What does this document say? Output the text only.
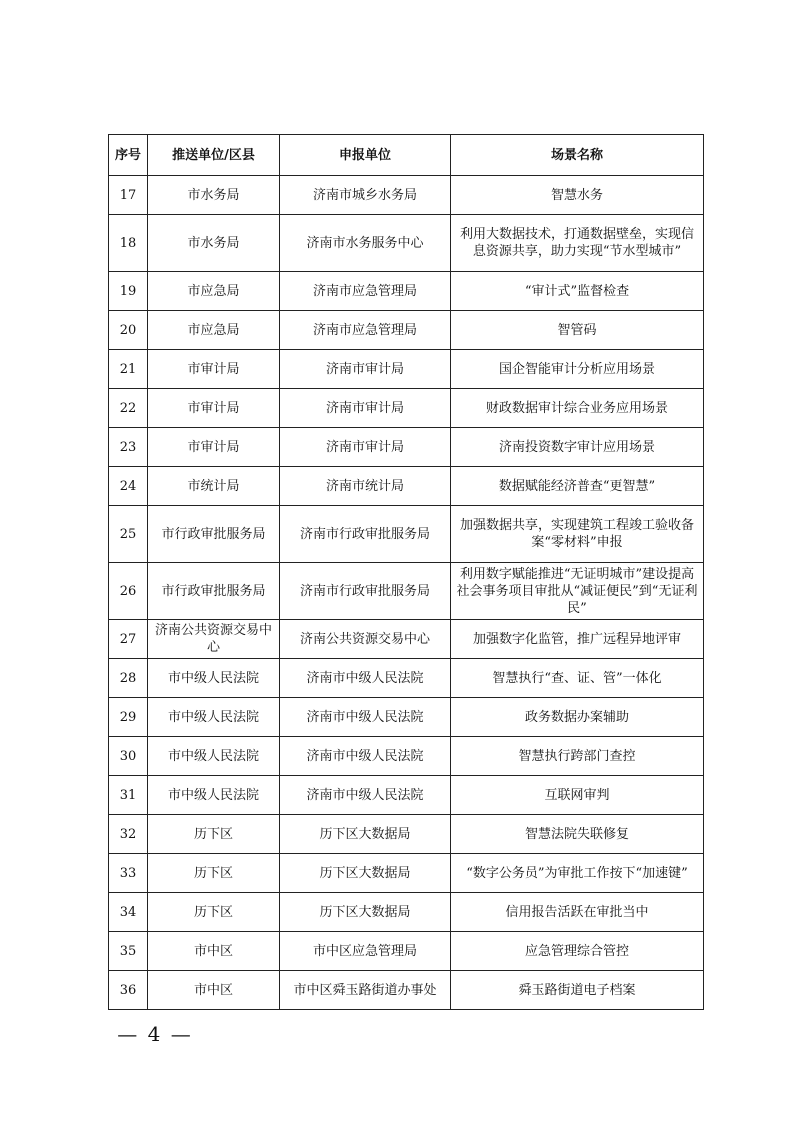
序号	推送单位/区县	申报单位	场景名称
17	市水务局	济南市城乡水务局	智慧水务
18	市水务局	济南市水务服务中心	利用大数据技术，打通数据壁垒，实现信息资源共享，助力实现“节水型城市”
19	市应急局	济南市应急管理局	“审计式”监督检查
20	市应急局	济南市应急管理局	智管码
21	市审计局	济南市审计局	国企智能审计分析应用场景
22	市审计局	济南市审计局	财政数据审计综合业务应用场景
23	市审计局	济南市审计局	济南投资数字审计应用场景
24	市统计局	济南市统计局	数据赋能经济普查“更智慧”
25	市行政审批服务局	济南市行政审批服务局	加强数据共享，实现建筑工程竣工验收备案“零材料”申报
26	市行政审批服务局	济南市行政审批服务局	利用数字赋能推进“无证明城市”建设提高社会事务项目审批从“减证便民”到“无证利民”
27	济南公共资源交易中心	济南公共资源交易中心	加强数字化监管，推广远程异地评审
28	市中级人民法院	济南市中级人民法院	智慧执行“查、证、管”一体化
29	市中级人民法院	济南市中级人民法院	政务数据办案辅助
30	市中级人民法院	济南市中级人民法院	智慧执行跨部门查控
31	市中级人民法院	济南市中级人民法院	互联网审判
32	历下区	历下区大数据局	智慧法院失联修复
33	历下区	历下区大数据局	“数字公务员”为审批工作按下“加速键”
34	历下区	历下区大数据局	信用报告活跃在审批当中
35	市中区	市中区应急管理局	应急管理综合管控
36	市中区	市中区舜玉路街道办事处	舜玉路街道电子档案
— 4 —
